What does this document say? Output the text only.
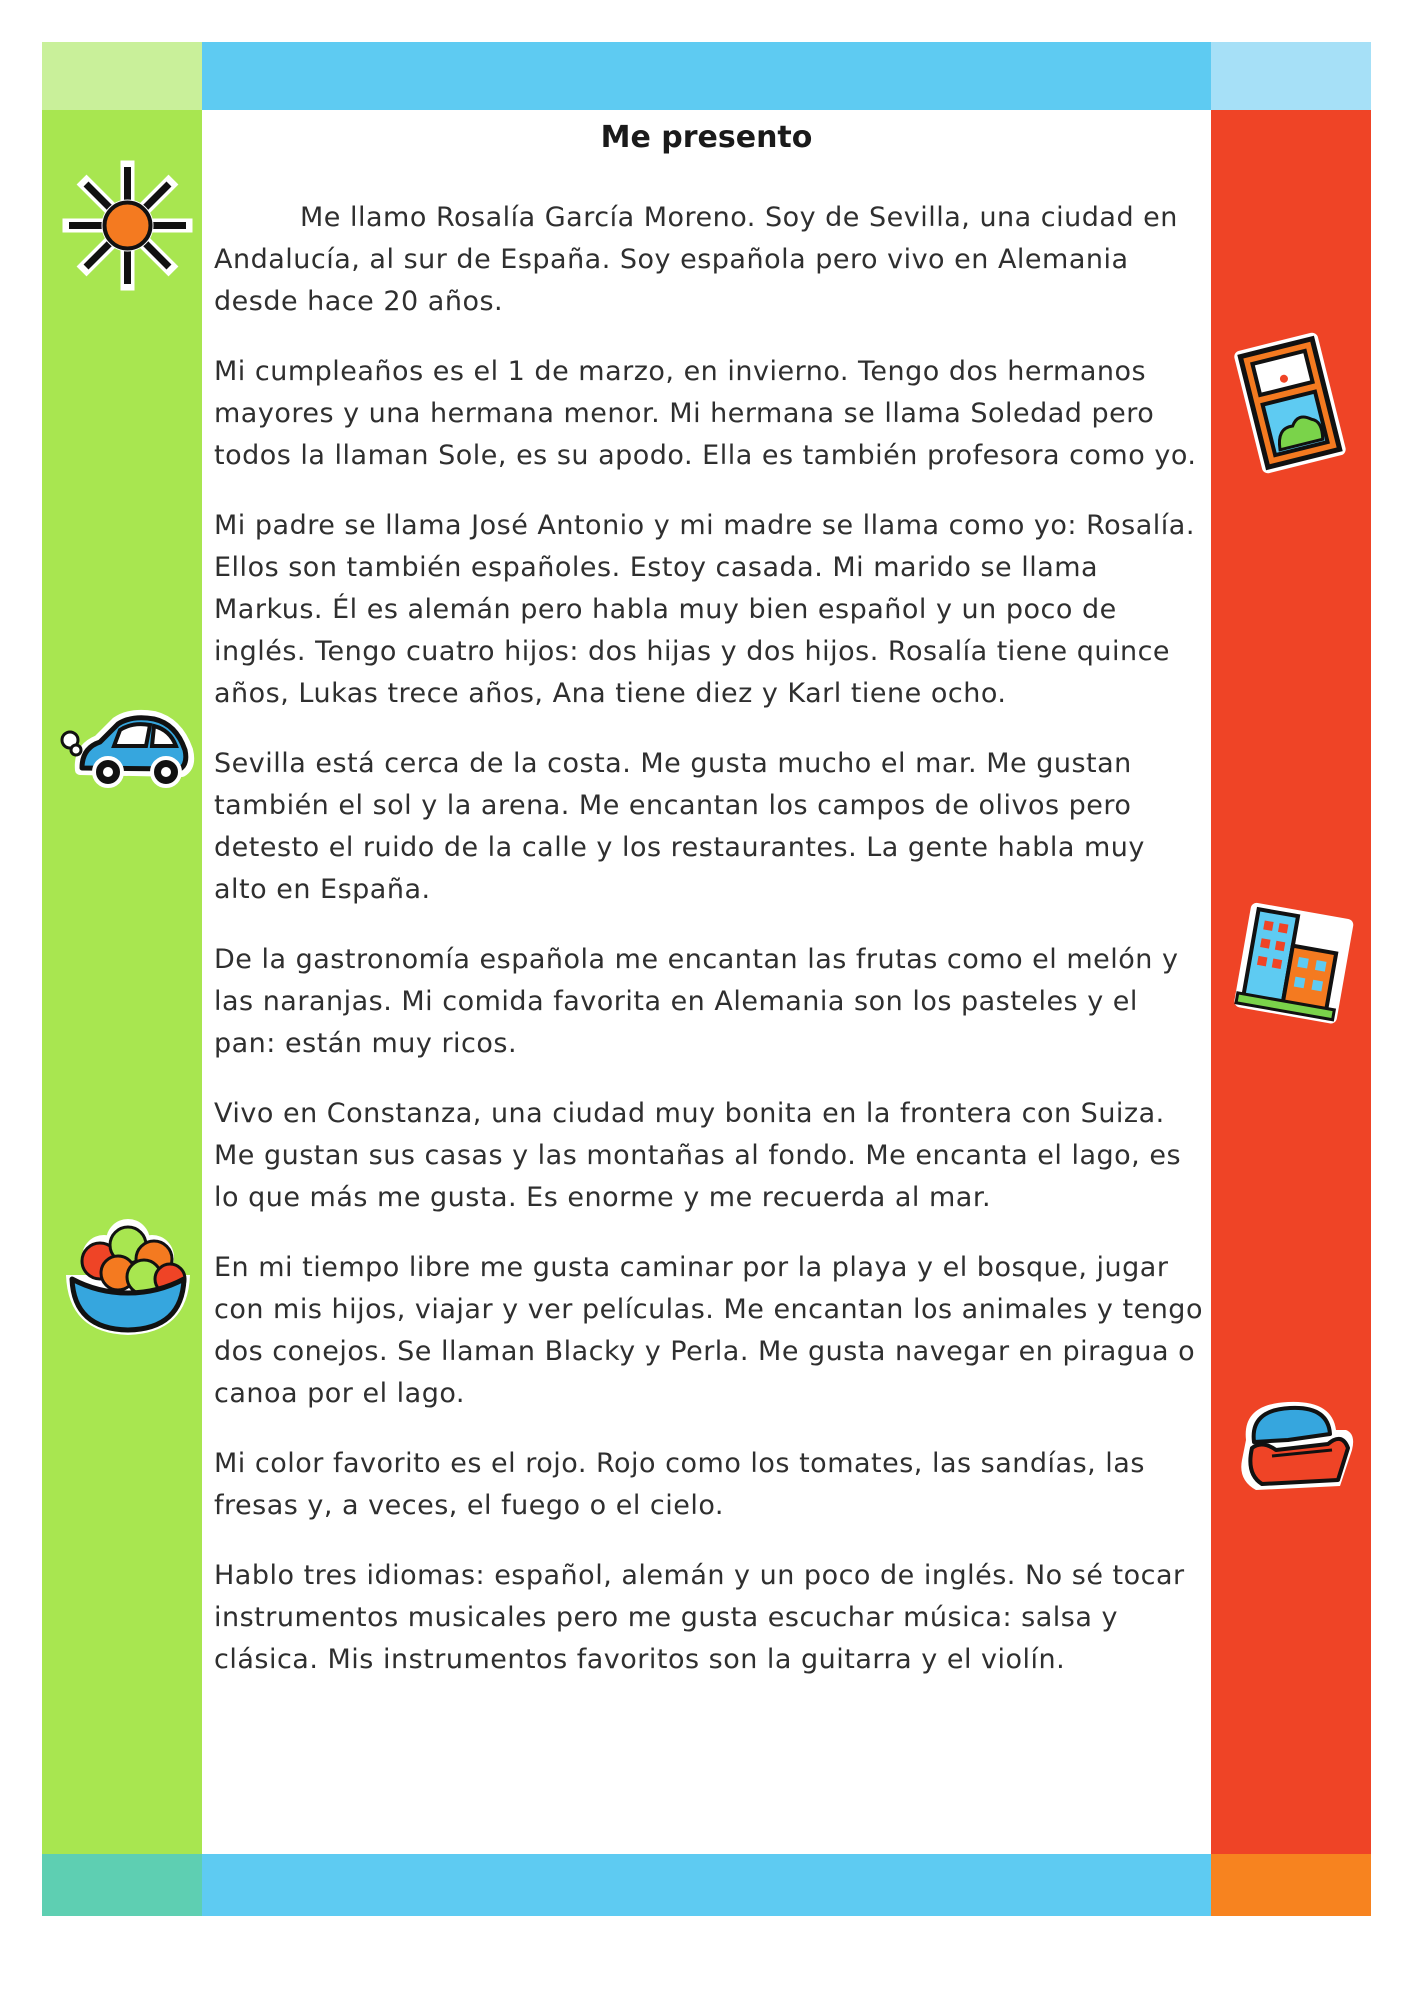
Me presento

Me llamo Rosalía García Moreno. Soy de Sevilla, una ciudad en Andalucía, al sur de España. Soy española pero vivo en Alemania desde hace 20 años.

Mi cumpleaños es el 1 de marzo, en invierno. Tengo dos hermanos mayores y una hermana menor. Mi hermana se llama Soledad pero todos la llaman Sole, es su apodo. Ella es también profesora como yo.

Mi padre se llama José Antonio y mi madre se llama como yo: Rosalía. Ellos son también españoles. Estoy casada. Mi marido se llama Markus. Él es alemán pero habla muy bien español y un poco de inglés. Tengo cuatro hijos: dos hijas y dos hijos. Rosalía tiene quince años, Lukas trece años, Ana tiene diez y Karl tiene ocho.

Sevilla está cerca de la costa. Me gusta mucho el mar. Me gustan también el sol y la arena. Me encantan los campos de olivos pero detesto el ruido de la calle y los restaurantes. La gente habla muy alto en España.

De la gastronomía española me encantan las frutas como el melón y las naranjas. Mi comida favorita en Alemania son los pasteles y el pan: están muy ricos.

Vivo en Constanza, una ciudad muy bonita en la frontera con Suiza. Me gustan sus casas y las montañas al fondo. Me encanta el lago, es lo que más me gusta. Es enorme y me recuerda al mar.

En mi tiempo libre me gusta caminar por la playa y el bosque, jugar con mis hijos, viajar y ver películas. Me encantan los animales y tengo dos conejos. Se llaman Blacky y Perla. Me gusta navegar en piragua o canoa por el lago.

Mi color favorito es el rojo. Rojo como los tomates, las sandías, las fresas y, a veces, el fuego o el cielo.

Hablo tres idiomas: español, alemán y un poco de inglés. No sé tocar instrumentos musicales pero me gusta escuchar música: salsa y clásica. Mis instrumentos favoritos son la guitarra y el violín.
